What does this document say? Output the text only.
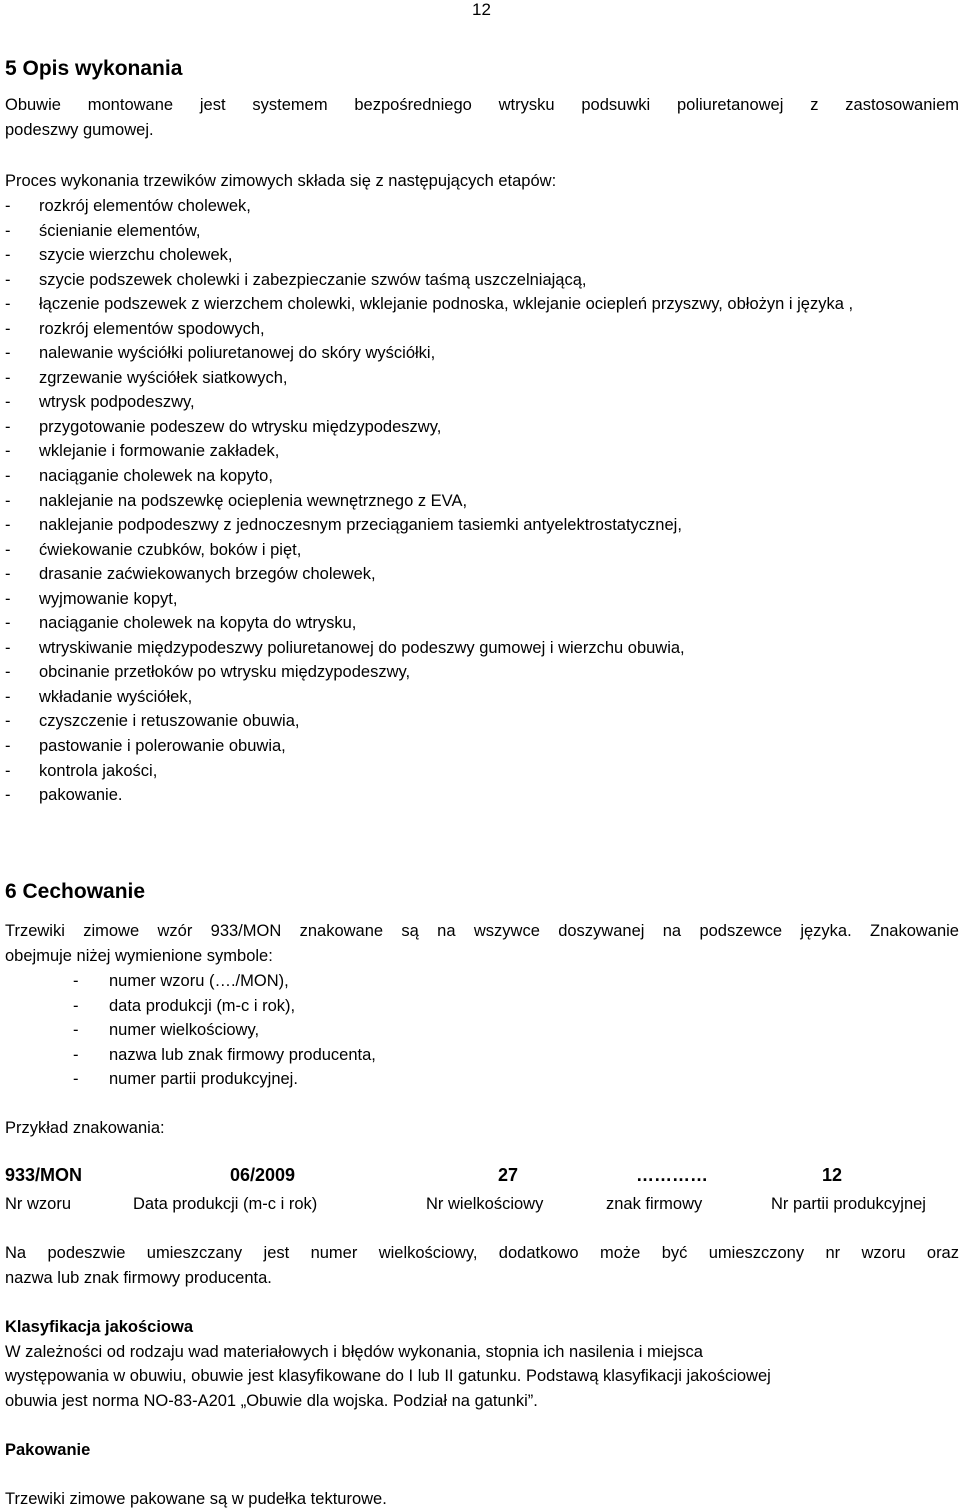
12
5 Opis wykonania
Obuwie montowane jest systemem bezpośredniego wtrysku podsuwki poliuretanowej z zastosowaniem
podeszwy gumowej.
Proces wykonania trzewików zimowych składa się z następujących etapów:
-	rozkrój elementów cholewek,
-	ścienianie elementów,
-	szycie wierzchu cholewek,
-	szycie podszewek cholewki i zabezpieczanie szwów taśmą uszczelniającą,
-	łączenie podszewek z wierzchem cholewki, wklejanie podnoska, wklejanie ociepleń przyszwy, obłożyn i języka ,
-	rozkrój elementów spodowych,
-	nalewanie wyściółki poliuretanowej do skóry wyściółki,
-	zgrzewanie wyściółek siatkowych,
-	wtrysk podpodeszwy,
-	przygotowanie podeszew do wtrysku międzypodeszwy,
-	wklejanie i formowanie zakładek,
-	naciąganie cholewek na kopyto,
-	naklejanie na podszewkę ocieplenia wewnętrznego z EVA,
-	naklejanie podpodeszwy z jednoczesnym przeciąganiem tasiemki antyelektrostatycznej,
-	ćwiekowanie czubków, boków i pięt,
-	drasanie zaćwiekowanych brzegów cholewek,
-	wyjmowanie kopyt,
-	naciąganie cholewek na kopyta do wtrysku,
-	wtryskiwanie międzypodeszwy poliuretanowej do podeszwy gumowej i wierzchu obuwia,
-	obcinanie przetłoków po wtrysku międzypodeszwy,
-	wkładanie wyściółek,
-	czyszczenie i retuszowanie obuwia,
-	pastowanie i polerowanie obuwia,
-	kontrola jakości,
-	pakowanie.
6 Cechowanie
Trzewiki zimowe wzór 933/MON znakowane są na wszywce doszywanej na podszewce języka. Znakowanie
obejmuje niżej wymienione symbole:
-	numer wzoru (…./MON),
-	data produkcji (m-c i rok),
-	numer wielkościowy,
-	nazwa lub znak firmowy producenta,
-	numer partii produkcyjnej.
Przykład znakowania:
933/MON	06/2009	27	…………	12
Nr wzoru	Data produkcji (m-c i rok)	Nr wielkościowy	znak firmowy	Nr partii produkcyjnej
Na podeszwie umieszczany jest numer wielkościowy, dodatkowo może być umieszczony nr wzoru oraz
nazwa lub znak firmowy producenta.
Klasyfikacja jakościowa
W zależności od rodzaju wad materiałowych i błędów wykonania, stopnia ich nasilenia i miejsca
występowania w obuwiu, obuwie jest klasyfikowane do I lub II gatunku. Podstawą klasyfikacji jakościowej
obuwia jest norma NO-83-A201 „Obuwie dla wojska. Podział na gatunki”.
Pakowanie
Trzewiki zimowe pakowane są w pudełka tekturowe.
